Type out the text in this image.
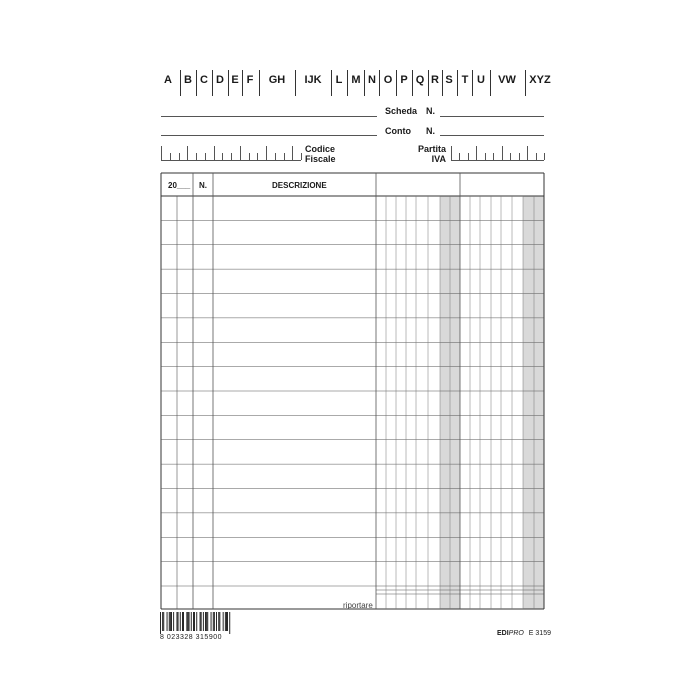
A B C D E F GH IJK L M N O P Q R S T U VW XYZ
Scheda N.
Conto N.
Codice
Fiscale
Partita
IVA
20___ N.	DESCRIZIONE
riportare
8 023328 315900
EDIPRO E 3159
